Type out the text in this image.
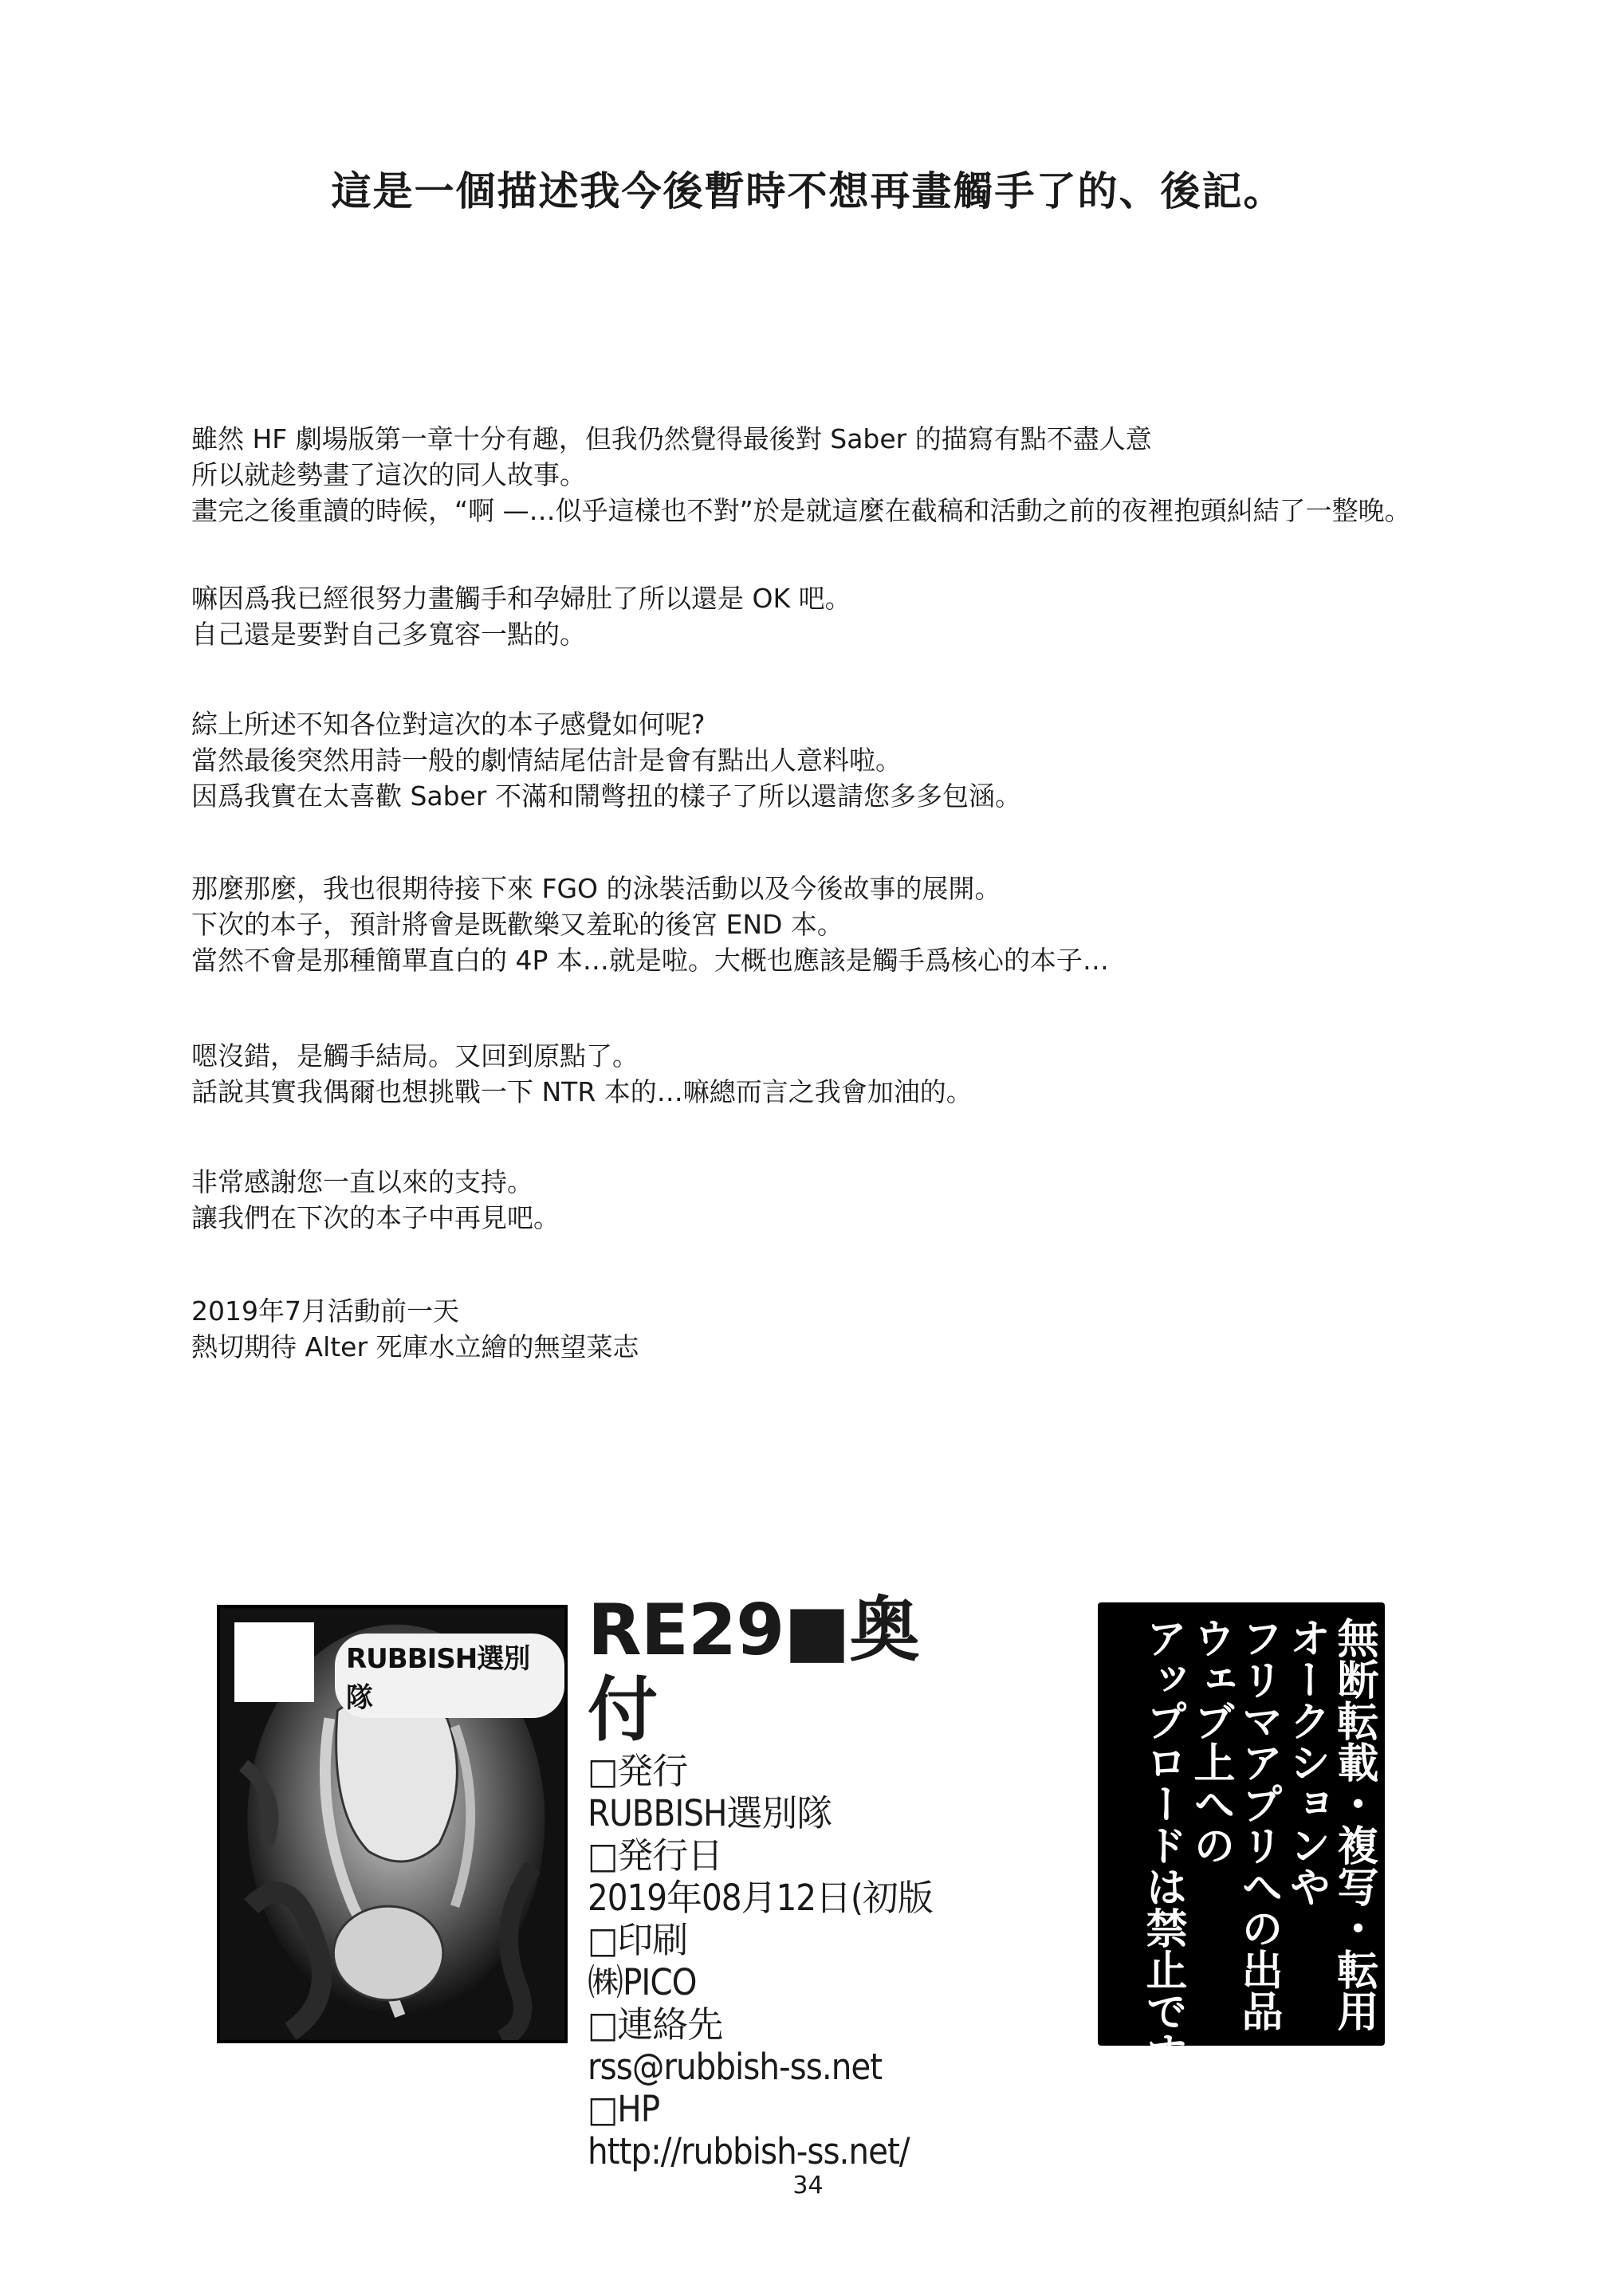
這是一個描述我今後暫時不想再畫觸手了的、後記。
雖然 HF 劇場版第一章十分有趣，但我仍然覺得最後對 Saber 的描寫有點不盡人意
所以就趁勢畫了這次的同人故事。
畫完之後重讀的時候，“啊 —…似乎這樣也不對”於是就這麼在截稿和活動之前的夜裡抱頭糾結了一整晚。
嘛因爲我已經很努力畫觸手和孕婦肚了所以還是 OK 吧。
自己還是要對自己多寬容一點的。
綜上所述不知各位對這次的本子感覺如何呢?
當然最後突然用詩一般的劇情結尾估計是會有點出人意料啦。
因爲我實在太喜歡 Saber 不滿和鬧彆扭的樣子了所以還請您多多包涵。
那麼那麼，我也很期待接下來 FGO 的泳裝活動以及今後故事的展開。
下次的本子，預計將會是既歡樂又羞恥的後宮 END 本。
當然不會是那種簡單直白的 4P 本…就是啦。大概也應該是觸手爲核心的本子…
嗯沒錯，是觸手結局。又回到原點了。
話說其實我偶爾也想挑戰一下 NTR 本的…嘛總而言之我會加油的。
非常感謝您一直以來的支持。
讓我們在下次的本子中再見吧。
2019年7月活動前一天
熱切期待 Alter 死庫水立繪的無望菜志
RUBBISH選別隊
RE29■奥付
□発行
RUBBISH選別隊
□発行日
2019年08月12日(初版
□印刷
㈱PICO
□連絡先
rss@rubbish-ss.net
□HP
http://rubbish-ss.net/
無断転載・複写・転用
オークションや
フリマアプリへの出品
ウェブ上への
アップロードは禁止です。
34
